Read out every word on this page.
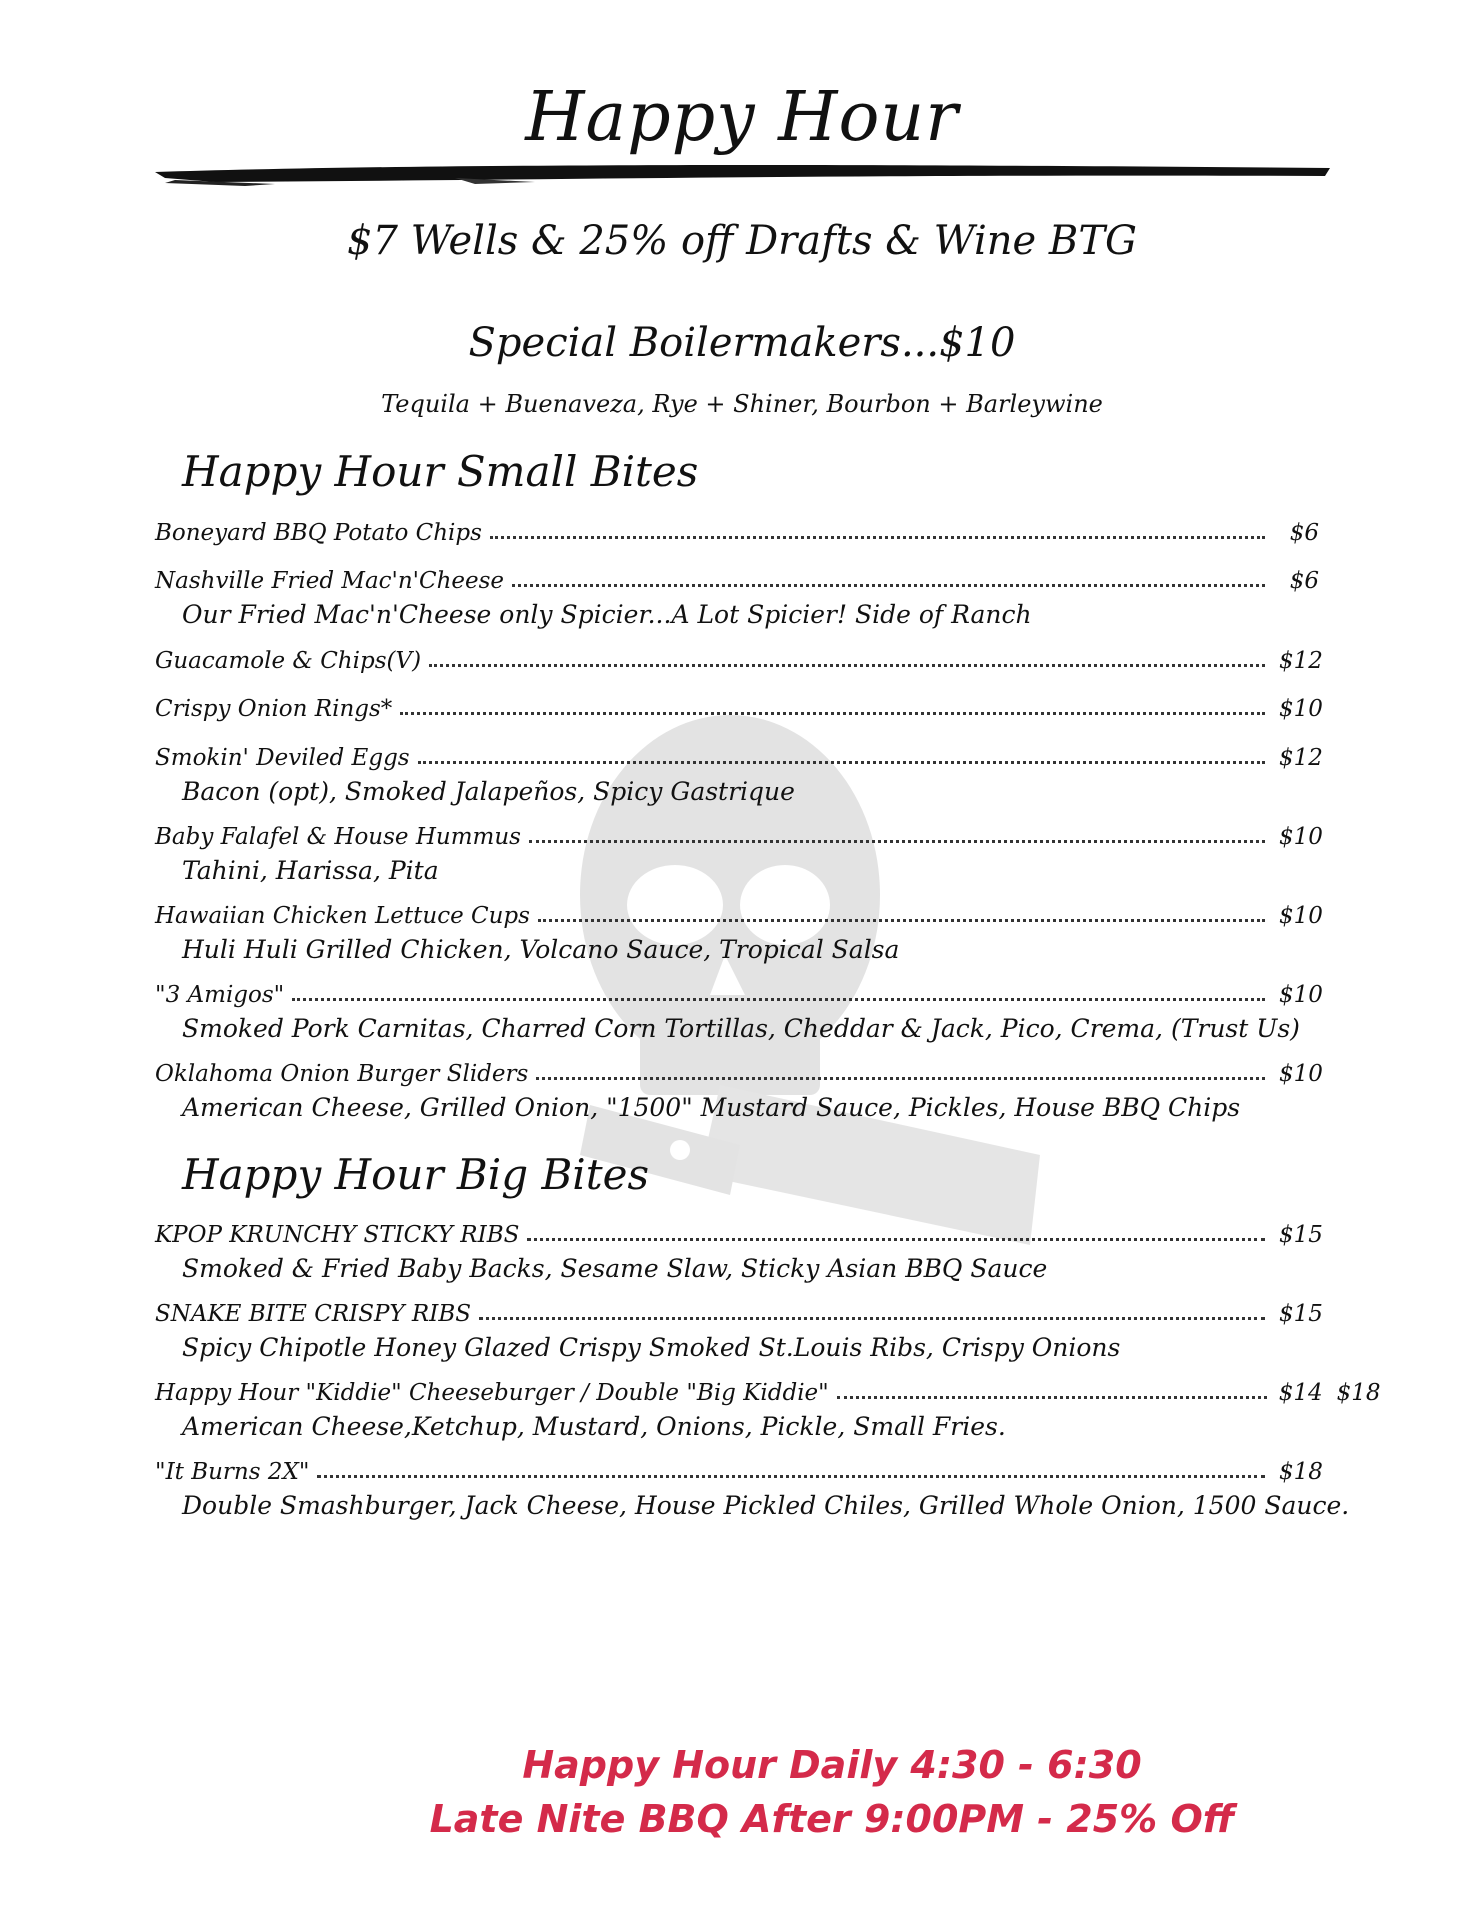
Happy Hour
$7 Wells & 25% off Drafts & Wine BTG
Special Boilermakers...$10
Tequila + Buenaveza, Rye + Shiner, Bourbon + Barleywine
Happy Hour Small Bites
Boneyard BBQ Potato Chips	$6
Nashville Fried Mac'n'Cheese	$6
Our Fried Mac'n'Cheese only Spicier...A Lot Spicier! Side of Ranch
Guacamole & Chips(V)	$12
Crispy Onion Rings*	$10
Smokin' Deviled Eggs	$12
Bacon (opt), Smoked Jalapeños, Spicy Gastrique
Baby Falafel & House Hummus	$10
Tahini, Harissa, Pita
Hawaiian Chicken Lettuce Cups	$10
Huli Huli Grilled Chicken, Volcano Sauce, Tropical Salsa
"3 Amigos"	$10
Smoked Pork Carnitas, Charred Corn Tortillas, Cheddar & Jack, Pico, Crema, (Trust Us)
Oklahoma Onion Burger Sliders	$10
American Cheese, Grilled Onion, "1500" Mustard Sauce, Pickles, House BBQ Chips
Happy Hour Big Bites
KPOP KRUNCHY STICKY RIBS	$15
Smoked & Fried Baby Backs, Sesame Slaw, Sticky Asian BBQ Sauce
SNAKE BITE CRISPY RIBS	$15
Spicy Chipotle Honey Glazed Crispy Smoked St.Louis Ribs, Crispy Onions
Happy Hour "Kiddie" Cheeseburger / Double "Big Kiddie"	$14 $18
American Cheese,Ketchup, Mustard, Onions, Pickle, Small Fries.
"It Burns 2X"	$18
Double Smashburger, Jack Cheese, House Pickled Chiles, Grilled Whole Onion, 1500 Sauce.
Happy Hour Daily 4:30 - 6:30
Late Nite BBQ After 9:00PM - 25% Off
